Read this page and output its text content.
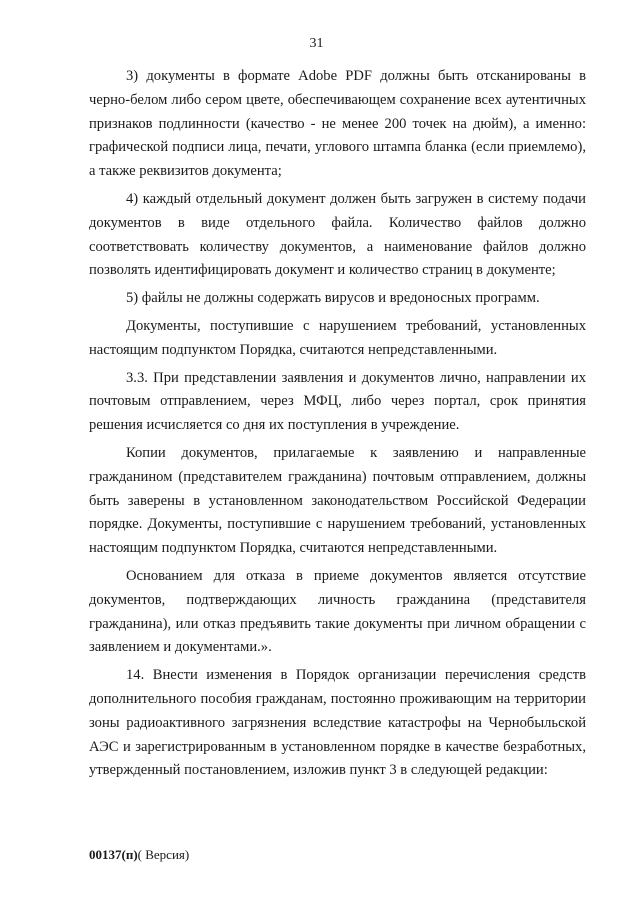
31

3) документы в формате Adobe PDF должны быть отсканированы в черно-белом либо сером цвете, обеспечивающем сохранение всех аутентичных признаков подлинности (качество - не менее 200 точек на дюйм), а именно: графической подписи лица, печати, углового штампа бланка (если приемлемо), а также реквизитов документа;

4) каждый отдельный документ должен быть загружен в систему подачи документов в виде отдельного файла. Количество файлов должно соответствовать количеству документов, а наименование файлов должно позволять идентифицировать документ и количество страниц в документе;

5) файлы не должны содержать вирусов и вредоносных программ.

Документы, поступившие с нарушением требований, установленных настоящим подпунктом Порядка, считаются непредставленными.

3.3. При представлении заявления и документов лично, направлении их почтовым отправлением, через МФЦ, либо через портал, срок принятия решения исчисляется со дня их поступления в учреждение.

Копии документов, прилагаемые к заявлению и направленные гражданином (представителем гражданина) почтовым отправлением, должны быть заверены в установленном законодательством Российской Федерации порядке. Документы, поступившие с нарушением требований, установленных настоящим подпунктом Порядка, считаются непредставленными.

Основанием для отказа в приеме документов является отсутствие документов, подтверждающих личность гражданина (представителя гражданина), или отказ предъявить такие документы при личном обращении с заявлением и документами.».

14. Внести изменения в Порядок организации перечисления средств дополнительного пособия гражданам, постоянно проживающим на территории зоны радиоактивного загрязнения вследствие катастрофы на Чернобыльской АЭС и зарегистрированным в установленном порядке в качестве безработных, утвержденный постановлением, изложив пункт 3 в следующей редакции:

00137(п)( Версия)
